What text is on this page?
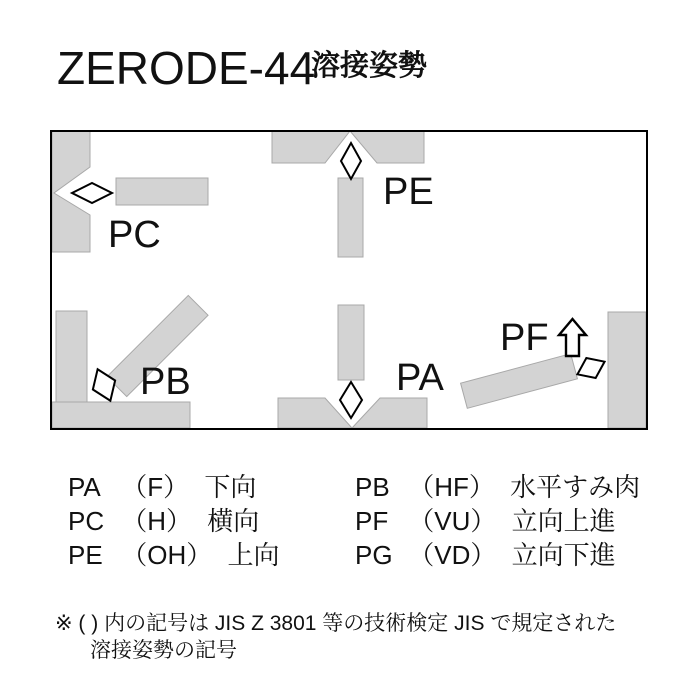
ZERODE-44
溶接姿勢
PC
PE
PB	PA
PF
PA （F） 下向
PC （H） 横向
PE （OH） 上向
PB （HF） 水平すみ肉
PF （VU） 立向上進
PG （VD） 立向下進
※ ( ) 内の記号は JIS Z 3801 等の技術検定 JIS で規定された
溶接姿勢の記号
